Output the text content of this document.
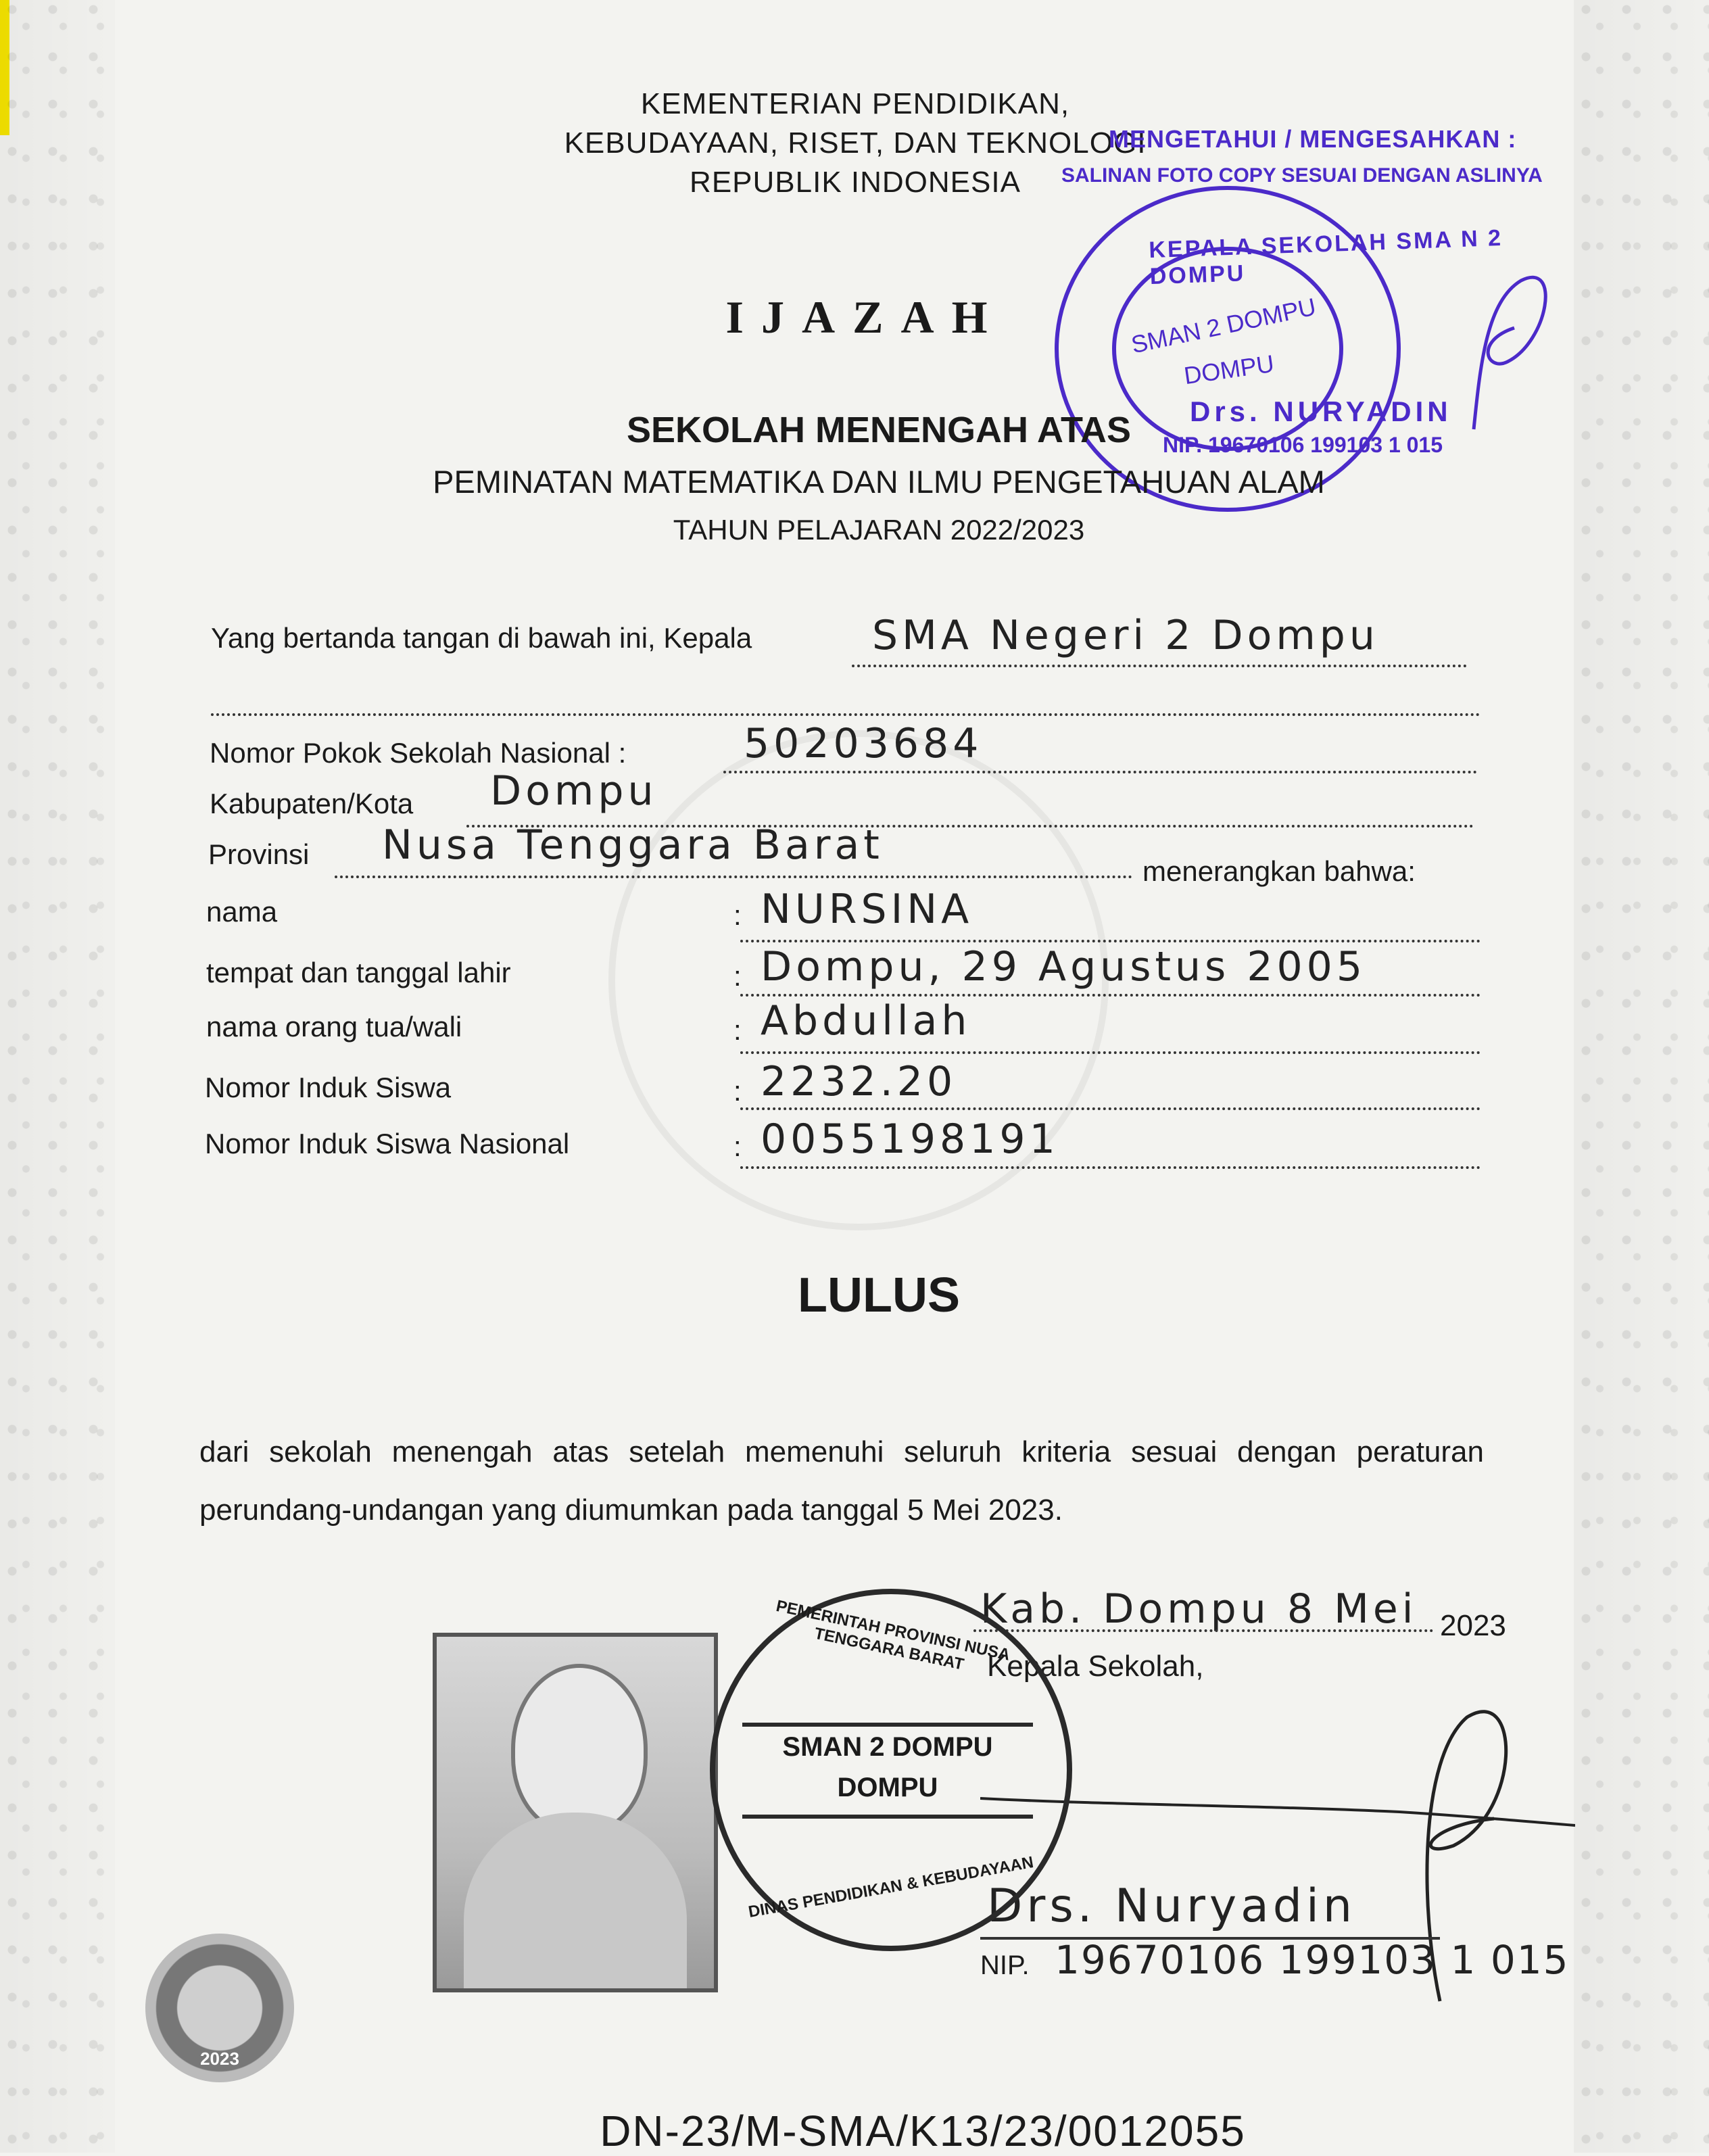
KEMENTERIAN PENDIDIKAN,
KEBUDAYAAN, RISET, DAN TEKNOLOGI
REPUBLIK INDONESIA
MENGETAHUI / MENGESAHKAN :
SALINAN FOTO COPY SESUAI DENGAN ASLINYA
KEPALA SEKOLAH SMA N 2 DOMPU
SMAN 2 DOMPU
DOMPU
Drs. NURYADIN
NIP. 19670106 199103 1 015
IJAZAH
SEKOLAH MENENGAH ATAS
PEMINATAN MATEMATIKA DAN ILMU PENGETAHUAN ALAM
TAHUN PELAJARAN 2022/2023
Yang bertanda tangan di bawah ini, Kepala	SMA Negeri 2 Dompu
Nomor Pokok Sekolah Nasional :	50203684
Kabupaten/Kota Dompu
Provinsi Nusa Tenggara Barat
menerangkan bahwa:
nama	: NURSINA
tempat dan tanggal lahir	: Dompu, 29 Agustus 2005
nama orang tua/wali	: Abdullah
Nomor Induk Siswa	: 2232.20
Nomor Induk Siswa Nasional	: 0055198191
LULUS
dari sekolah menengah atas setelah memenuhi seluruh kriteria sesuai dengan peraturan perundang-undangan yang diumumkan pada tanggal 5 Mei 2023.
Kab. Dompu 8 Mei 2023
Kepala Sekolah,
Drs. Nuryadin
NIP. 19670106 199103 1 015
PEMERINTAH PROVINSI NUSA TENGGARA BARAT
SMAN 2 DOMPU
DOMPU
DINAS PENDIDIKAN & KEBUDAYAAN
2023
DN-23/M-SMA/K13/23/0012055
